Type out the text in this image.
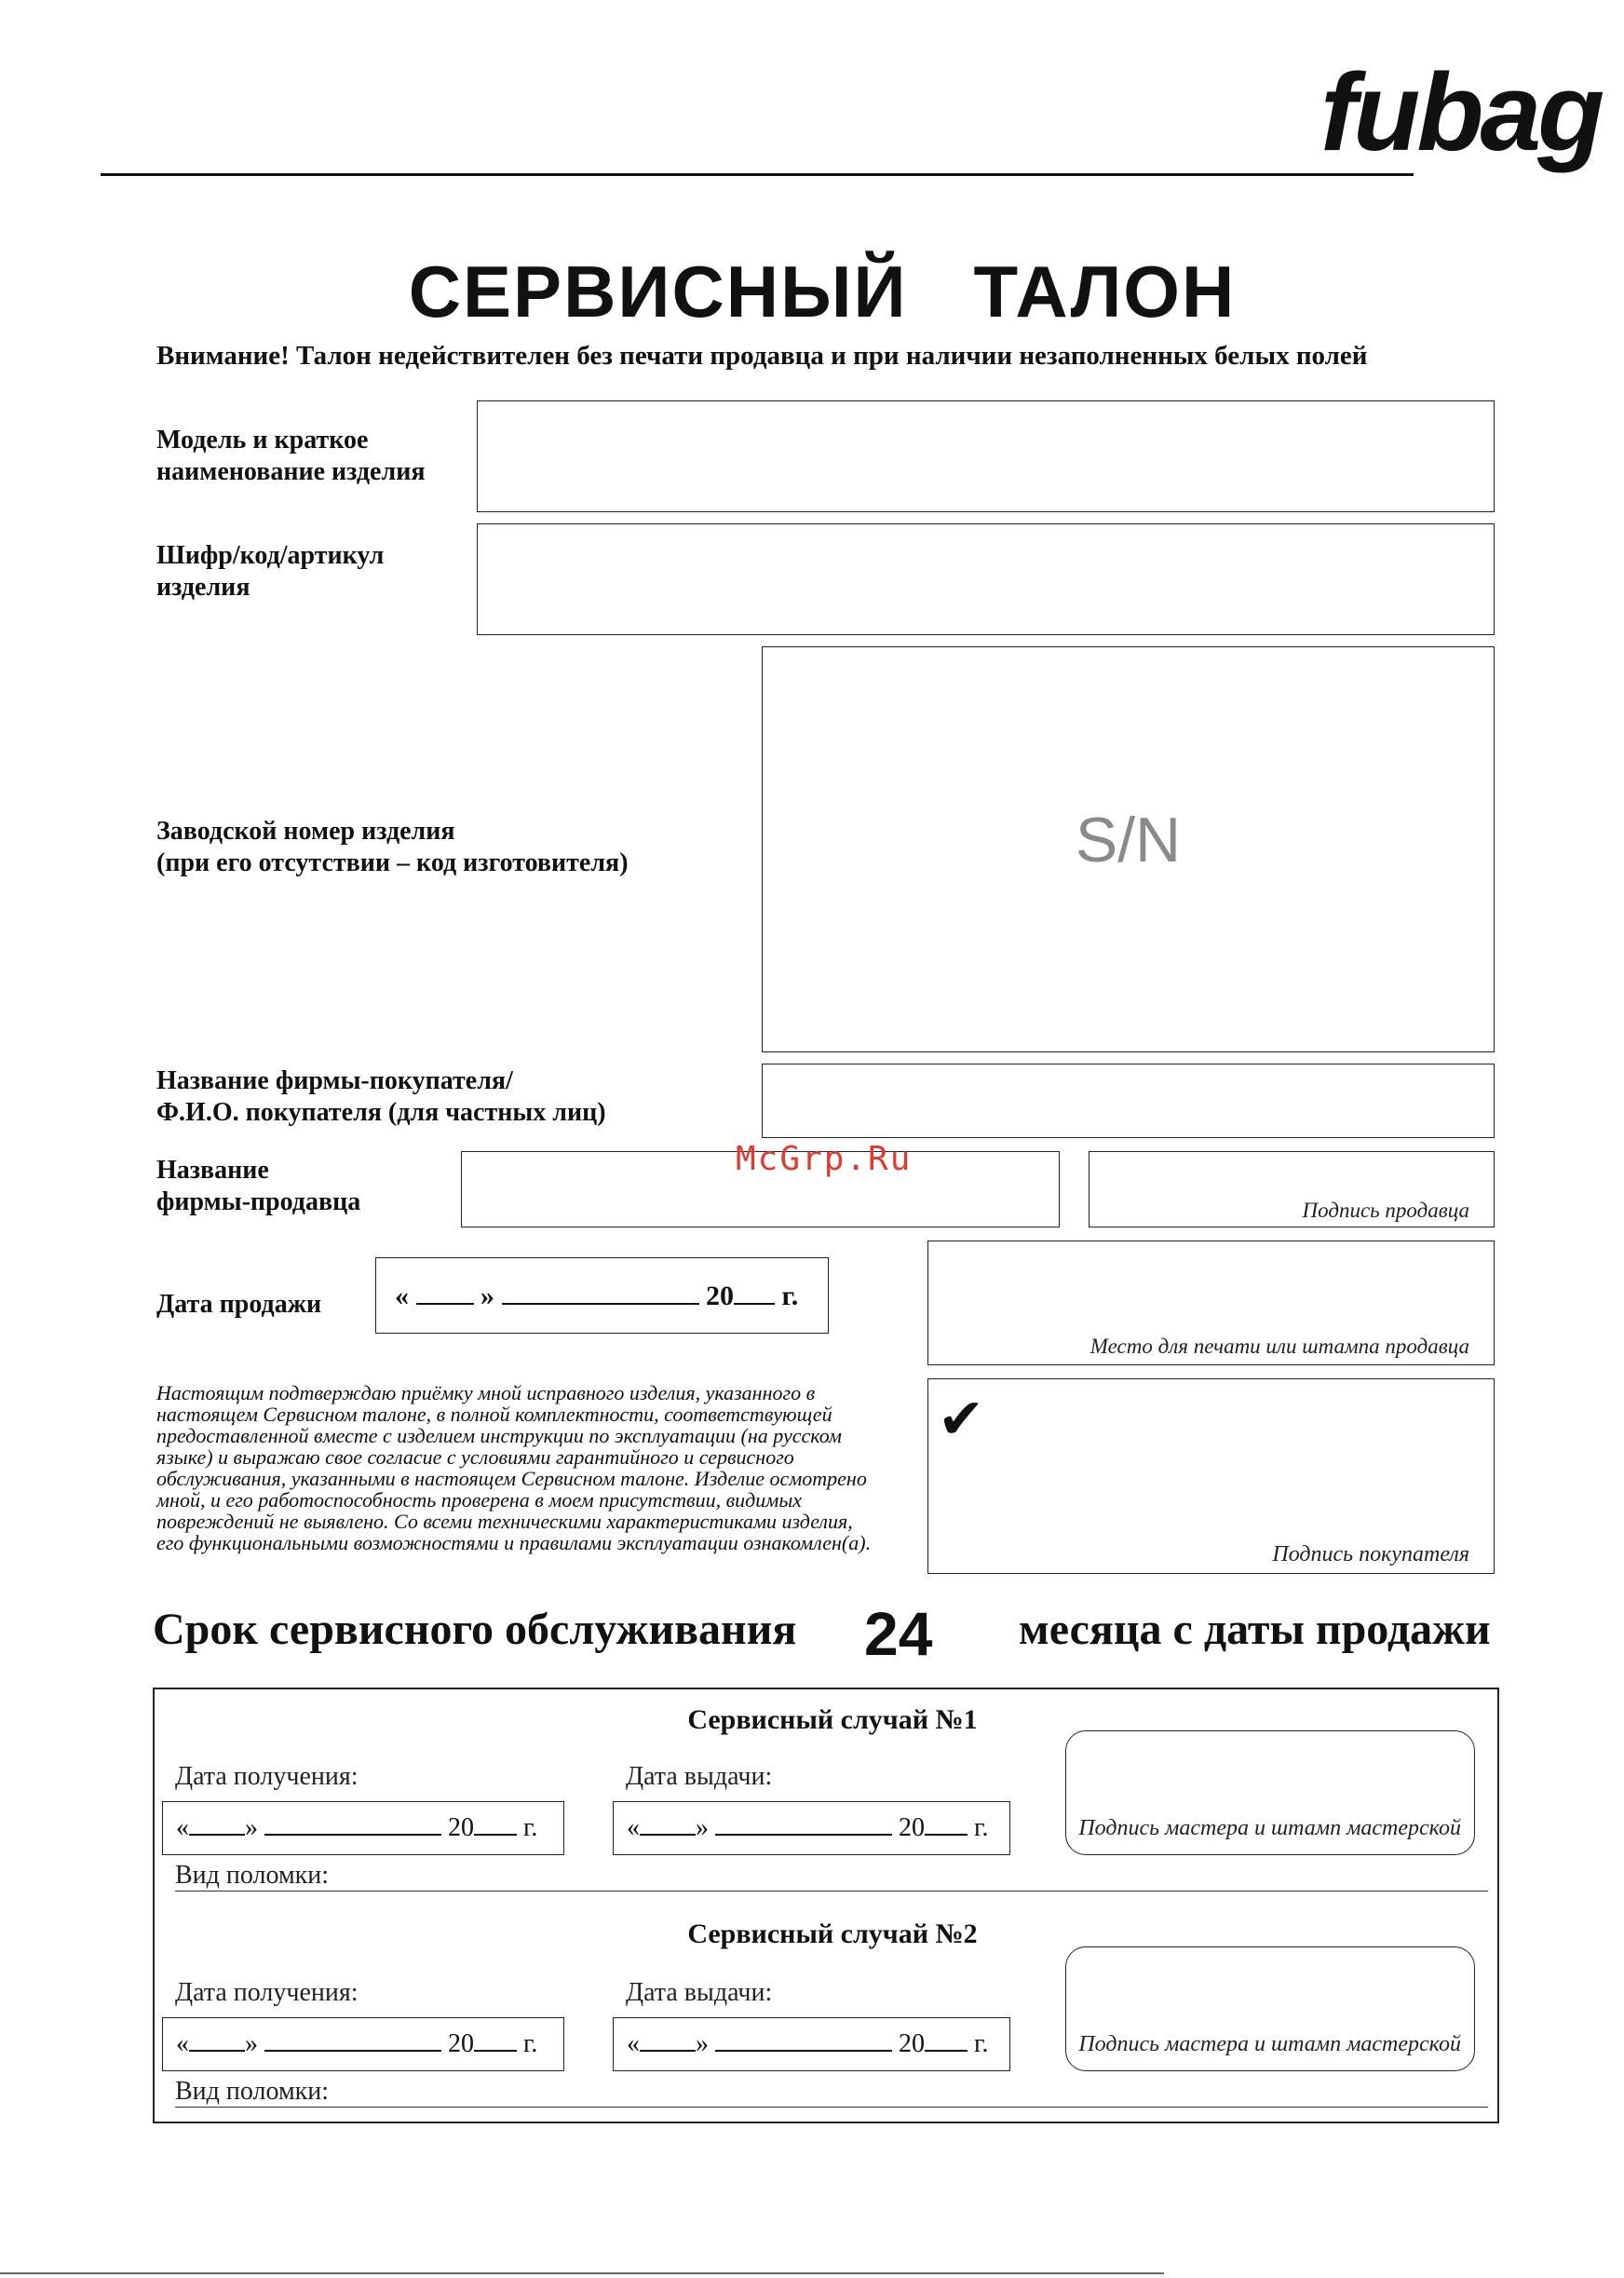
fubag
СЕРВИСНЫЙ   ТАЛОН
Внимание! Талон недействителен без печати продавца и при наличии незаполненных белых полей
Модель и краткое
наименование изделия
Шифр/код/артикул
изделия
Заводской номер изделия
(при его отсутствии – код изготовителя)	S/N
Название фирмы-покупателя/
Ф.И.О. покупателя (для частных лиц)
Название
фирмы-продавца
McGrp.Ru
Подпись продавца
Дата продажи	«	»	20 г.
Место для печати или штампа продавца
Настоящим подтверждаю приёмку мной исправного изделия, указанного в настоящем Сервисном талоне, в полной комплектности, соответствующей предоставленной вместе с изделием инструкции по эксплуатации (на русском языке) и выражаю свое согласие с условиями гарантийного и сервисного обслуживания, указанными в настоящем Сервисном талоне. Изделие осмотрено мной, и его работоспособность проверена в моем присутствии, видимых повреждений не выявлено. Со всеми техническими характеристиками изделия, его функциональными возможностями и правилами эксплуатации ознакомлен(а).
✔
Подпись покупателя
Срок сервисного обслуживания 24 месяца с даты продажи
Сервисный случай №1
Дата получения:	Дата выдачи:
« »	20 г.	« »	20 г.	Подпись мастера и штамп мастерской
Вид поломки:
Сервисный случай №2
Дата получения:	Дата выдачи:
« »	20 г.	« »	20 г.	Подпись мастера и штамп мастерской
Вид поломки:
